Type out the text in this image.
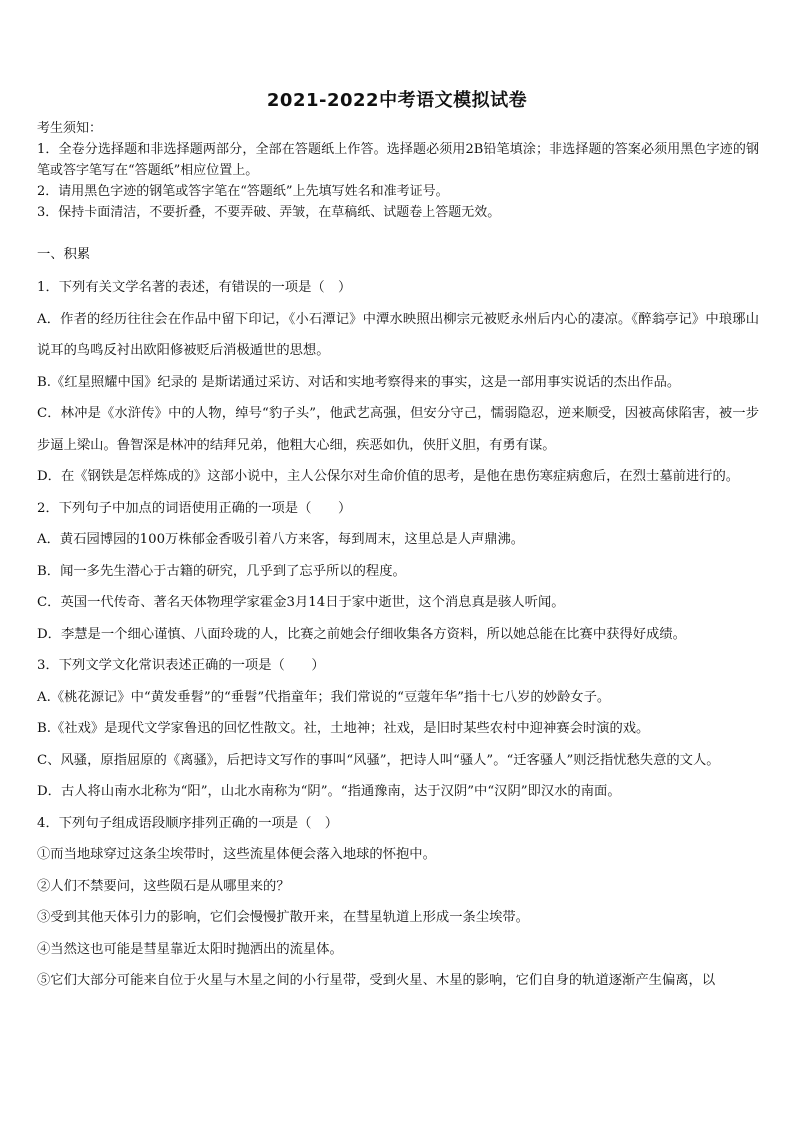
2021-2022中考语文模拟试卷
考生须知：
1．全卷分选择题和非选择题两部分，全部在答题纸上作答。选择题必须用2B铅笔填涂；非选择题的答案必须用黑色字迹的钢笔或答字笔写在“答题纸”相应位置上。
2．请用黑色字迹的钢笔或答字笔在“答题纸”上先填写姓名和准考证号。
3．保持卡面清洁，不要折叠，不要弄破、弄皱，在草稿纸、试题卷上答题无效。
一、积累
1．下列有关文学名著的表述，有错误的一项是（　）
A．作者的经历往往会在作品中留下印记，《小石潭记》中潭水映照出柳宗元被贬永州后内心的凄凉。《醉翁亭记》中琅琊山说耳的鸟鸣反衬出欧阳修被贬后消极遁世的思想。
B.《红星照耀中国》纪录的 是斯诺通过采访、对话和实地考察得来的事实，这是一部用事实说话的杰出作品。
C．林冲是《水浒传》中的人物，绰号“豹子头”，他武艺高强，但安分守己，懦弱隐忍，逆来顺受，因被高俅陷害，被一步步逼上梁山。鲁智深是林冲的结拜兄弟，他粗大心细，疾恶如仇，侠肝义胆，有勇有谋。
D．在《钢铁是怎样炼成的》这部小说中，主人公保尔对生命价值的思考，是他在患伤寒症病愈后，在烈士墓前进行的。
2．下列句子中加点的词语使用正确的一项是（　　）
A．黄石园博园的100万株郁金香吸引着八方来客，每到周末，这里总是人声鼎沸。
B．闻一多先生潜心于古籍的研究，几乎到了忘乎所以的程度。
C．英国一代传奇、著名天体物理学家霍金3月14日于家中逝世，这个消息真是骇人听闻。
D．李慧是一个细心谨慎、八面玲珑的人，比赛之前她会仔细收集各方资料，所以她总能在比赛中获得好成绩。
3．下列文学文化常识表述正确的一项是（　　）
A.《桃花源记》中“黄发垂髫”的“垂髫”代指童年；我们常说的“豆蔻年华”指十七八岁的妙龄女子。
B.《社戏》是现代文学家鲁迅的回忆性散文。社，土地神；社戏，是旧时某些农村中迎神赛会时演的戏。
C、风骚，原指屈原的《离骚》，后把诗文写作的事叫“风骚”，把诗人叫“骚人”。“迁客骚人”则泛指忧愁失意的文人。
D．古人将山南水北称为“阳”，山北水南称为“阴”。“指通豫南，达于汉阴”中“汉阴”即汉水的南面。
4．下列句子组成语段顺序排列正确的一项是（　）
①而当地球穿过这条尘埃带时，这些流星体便会落入地球的怀抱中。
②人们不禁要问，这些陨石是从哪里来的？
③受到其他天体引力的影响，它们会慢慢扩散开来，在彗星轨道上形成一条尘埃带。
④当然这也可能是彗星靠近太阳时抛洒出的流星体。
⑤它们大部分可能来自位于火星与木星之间的小行星带，受到火星、木星的影响，它们自身的轨道逐渐产生偏离，以
